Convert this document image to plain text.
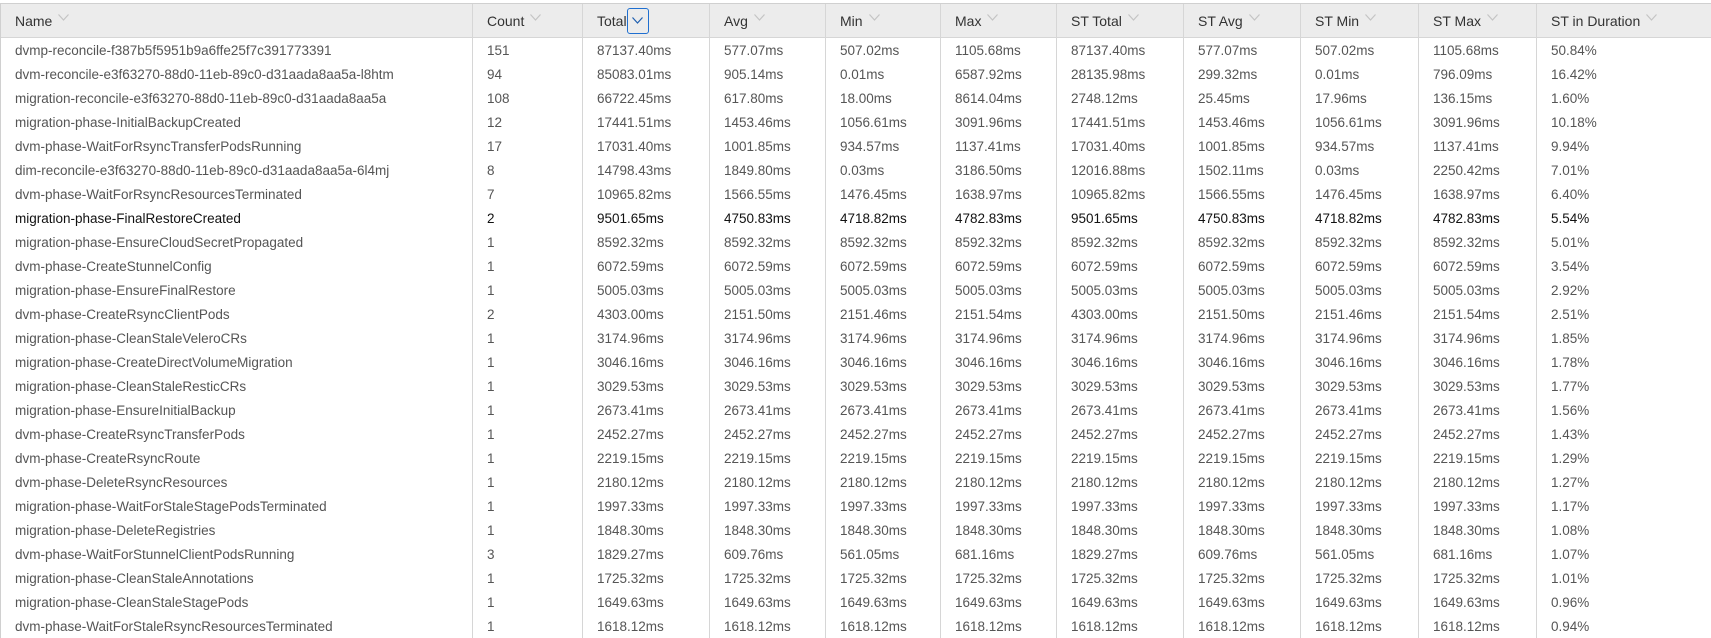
Name	Count	Total	Avg	Min	Max	ST Total	ST Avg	ST Min	ST Max	ST in Duration
dvmp-reconcile-f387b5f5951b9a6ffe25f7c391773391	151	87137.40ms	577.07ms	507.02ms	1105.68ms	87137.40ms	577.07ms	507.02ms	1105.68ms	50.84%
dvm-reconcile-e3f63270-88d0-11eb-89c0-d31aada8aa5a-l8htm	94	85083.01ms	905.14ms	0.01ms	6587.92ms	28135.98ms	299.32ms	0.01ms	796.09ms	16.42%
migration-reconcile-e3f63270-88d0-11eb-89c0-d31aada8aa5a	108	66722.45ms	617.80ms	18.00ms	8614.04ms	2748.12ms	25.45ms	17.96ms	136.15ms	1.60%
migration-phase-InitialBackupCreated	12	17441.51ms	1453.46ms	1056.61ms	3091.96ms	17441.51ms	1453.46ms	1056.61ms	3091.96ms	10.18%
dvm-phase-WaitForRsyncTransferPodsRunning	17	17031.40ms	1001.85ms	934.57ms	1137.41ms	17031.40ms	1001.85ms	934.57ms	1137.41ms	9.94%
dim-reconcile-e3f63270-88d0-11eb-89c0-d31aada8aa5a-6l4mj	8	14798.43ms	1849.80ms	0.03ms	3186.50ms	12016.88ms	1502.11ms	0.03ms	2250.42ms	7.01%
dvm-phase-WaitForRsyncResourcesTerminated	7	10965.82ms	1566.55ms	1476.45ms	1638.97ms	10965.82ms	1566.55ms	1476.45ms	1638.97ms	6.40%
migration-phase-FinalRestoreCreated	2	9501.65ms	4750.83ms	4718.82ms	4782.83ms	9501.65ms	4750.83ms	4718.82ms	4782.83ms	5.54%
migration-phase-EnsureCloudSecretPropagated	1	8592.32ms	8592.32ms	8592.32ms	8592.32ms	8592.32ms	8592.32ms	8592.32ms	8592.32ms	5.01%
dvm-phase-CreateStunnelConfig	1	6072.59ms	6072.59ms	6072.59ms	6072.59ms	6072.59ms	6072.59ms	6072.59ms	6072.59ms	3.54%
migration-phase-EnsureFinalRestore	1	5005.03ms	5005.03ms	5005.03ms	5005.03ms	5005.03ms	5005.03ms	5005.03ms	5005.03ms	2.92%
dvm-phase-CreateRsyncClientPods	2	4303.00ms	2151.50ms	2151.46ms	2151.54ms	4303.00ms	2151.50ms	2151.46ms	2151.54ms	2.51%
migration-phase-CleanStaleVeleroCRs	1	3174.96ms	3174.96ms	3174.96ms	3174.96ms	3174.96ms	3174.96ms	3174.96ms	3174.96ms	1.85%
migration-phase-CreateDirectVolumeMigration	1	3046.16ms	3046.16ms	3046.16ms	3046.16ms	3046.16ms	3046.16ms	3046.16ms	3046.16ms	1.78%
migration-phase-CleanStaleResticCRs	1	3029.53ms	3029.53ms	3029.53ms	3029.53ms	3029.53ms	3029.53ms	3029.53ms	3029.53ms	1.77%
migration-phase-EnsureInitialBackup	1	2673.41ms	2673.41ms	2673.41ms	2673.41ms	2673.41ms	2673.41ms	2673.41ms	2673.41ms	1.56%
dvm-phase-CreateRsyncTransferPods	1	2452.27ms	2452.27ms	2452.27ms	2452.27ms	2452.27ms	2452.27ms	2452.27ms	2452.27ms	1.43%
dvm-phase-CreateRsyncRoute	1	2219.15ms	2219.15ms	2219.15ms	2219.15ms	2219.15ms	2219.15ms	2219.15ms	2219.15ms	1.29%
dvm-phase-DeleteRsyncResources	1	2180.12ms	2180.12ms	2180.12ms	2180.12ms	2180.12ms	2180.12ms	2180.12ms	2180.12ms	1.27%
migration-phase-WaitForStaleStagePodsTerminated	1	1997.33ms	1997.33ms	1997.33ms	1997.33ms	1997.33ms	1997.33ms	1997.33ms	1997.33ms	1.17%
migration-phase-DeleteRegistries	1	1848.30ms	1848.30ms	1848.30ms	1848.30ms	1848.30ms	1848.30ms	1848.30ms	1848.30ms	1.08%
dvm-phase-WaitForStunnelClientPodsRunning	3	1829.27ms	609.76ms	561.05ms	681.16ms	1829.27ms	609.76ms	561.05ms	681.16ms	1.07%
migration-phase-CleanStaleAnnotations	1	1725.32ms	1725.32ms	1725.32ms	1725.32ms	1725.32ms	1725.32ms	1725.32ms	1725.32ms	1.01%
migration-phase-CleanStaleStagePods	1	1649.63ms	1649.63ms	1649.63ms	1649.63ms	1649.63ms	1649.63ms	1649.63ms	1649.63ms	0.96%
dvm-phase-WaitForStaleRsyncResourcesTerminated	1	1618.12ms	1618.12ms	1618.12ms	1618.12ms	1618.12ms	1618.12ms	1618.12ms	1618.12ms	0.94%
